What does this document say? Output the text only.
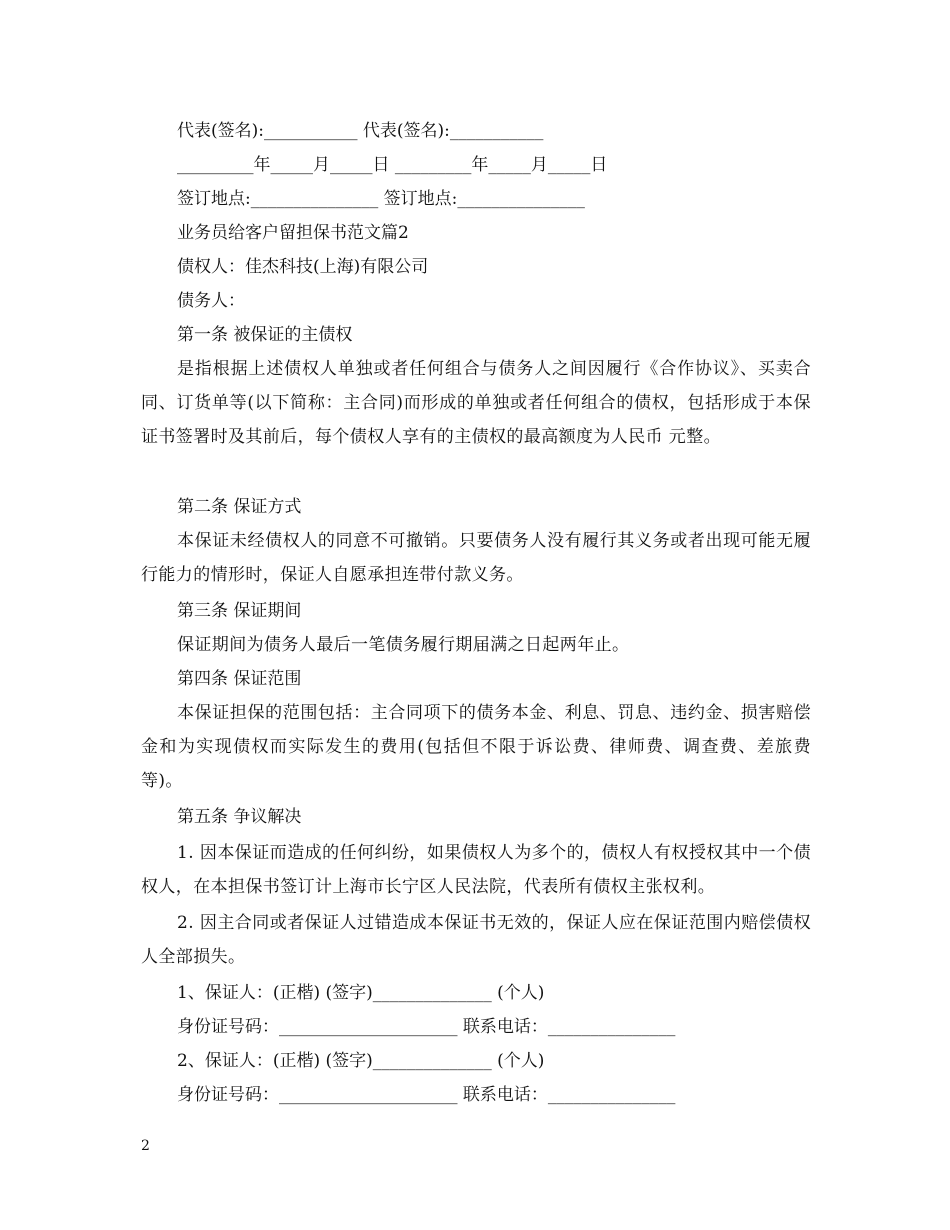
代表(签名):___________ 代表(签名):___________
_________年_____月_____日 _________年_____月_____日
签订地点:_______________ 签订地点:_______________
业务员给客户留担保书范文篇2
债权人：佳杰科技(上海)有限公司
债务人：
第一条 被保证的主债权
是指根据上述债权人单独或者任何组合与债务人之间因履行《合作协议》、买卖合同、订货单等(以下简称：主合同)而形成的单独或者任何组合的债权，包括形成于本保证书签署时及其前后，每个债权人享有的主债权的最高额度为人民币 元整。
第二条 保证方式
本保证未经债权人的同意不可撤销。只要债务人没有履行其义务或者出现可能无履行能力的情形时，保证人自愿承担连带付款义务。
第三条 保证期间
保证期间为债务人最后一笔债务履行期届满之日起两年止。
第四条 保证范围
本保证担保的范围包括：主合同项下的债务本金、利息、罚息、违约金、损害赔偿金和为实现债权而实际发生的费用(包括但不限于诉讼费、律师费、调查费、差旅费等)。
第五条 争议解决
1. 因本保证而造成的任何纠纷，如果债权人为多个的，债权人有权授权其中一个债权人，在本担保书签订计上海市长宁区人民法院，代表所有债权主张权利。
2. 因主合同或者保证人过错造成本保证书无效的，保证人应在保证范围内赔偿债权人全部损失。
1、保证人：(正楷) (签字)______________ (个人)
身份证号码：_____________________ 联系电话：_______________
2、保证人：(正楷) (签字)______________ (个人)
身份证号码：_____________________ 联系电话：_______________
2
